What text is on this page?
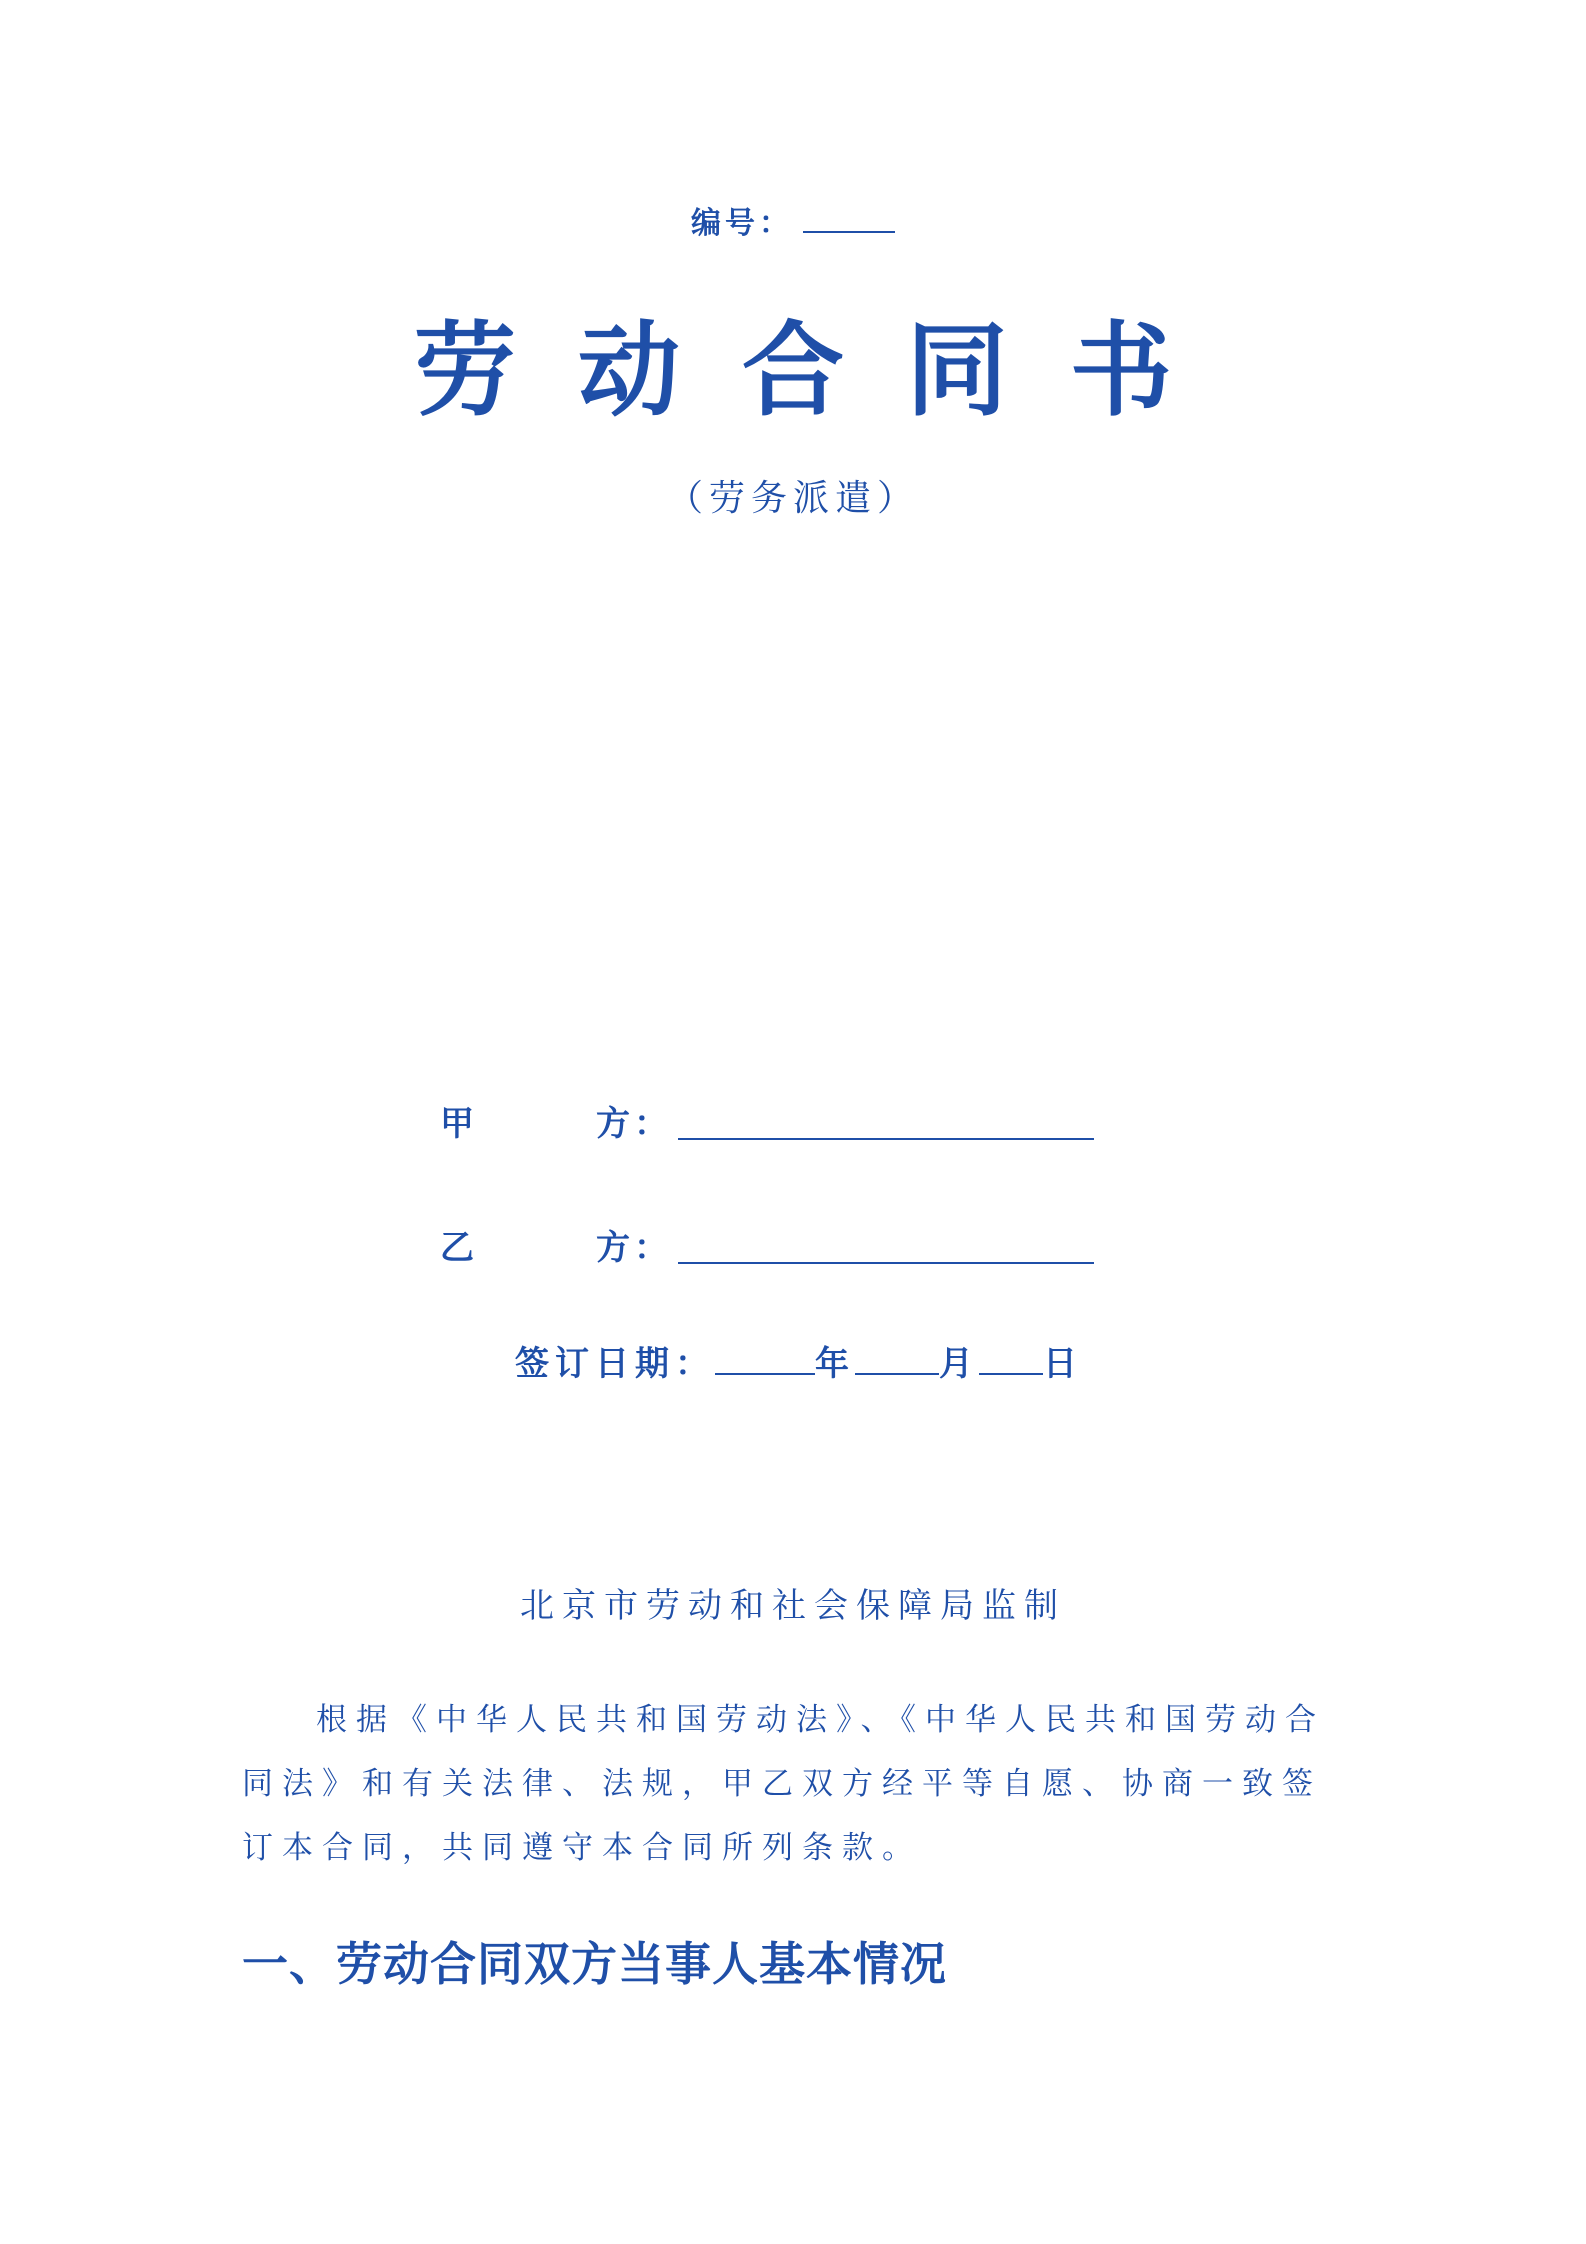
编号：
劳动合同书
（劳务派遣）
甲	方：
乙	方：
签订日期：	年 月 日
北京市劳动和社会保障局监制

根据《中华人民共和国劳动法》、《中华人民共和国劳动合同法》和有关法律、法规，甲乙双方经平等自愿、协商一致签订本合同，共同遵守本合同所列条款。

一、劳动合同双方当事人基本情况
